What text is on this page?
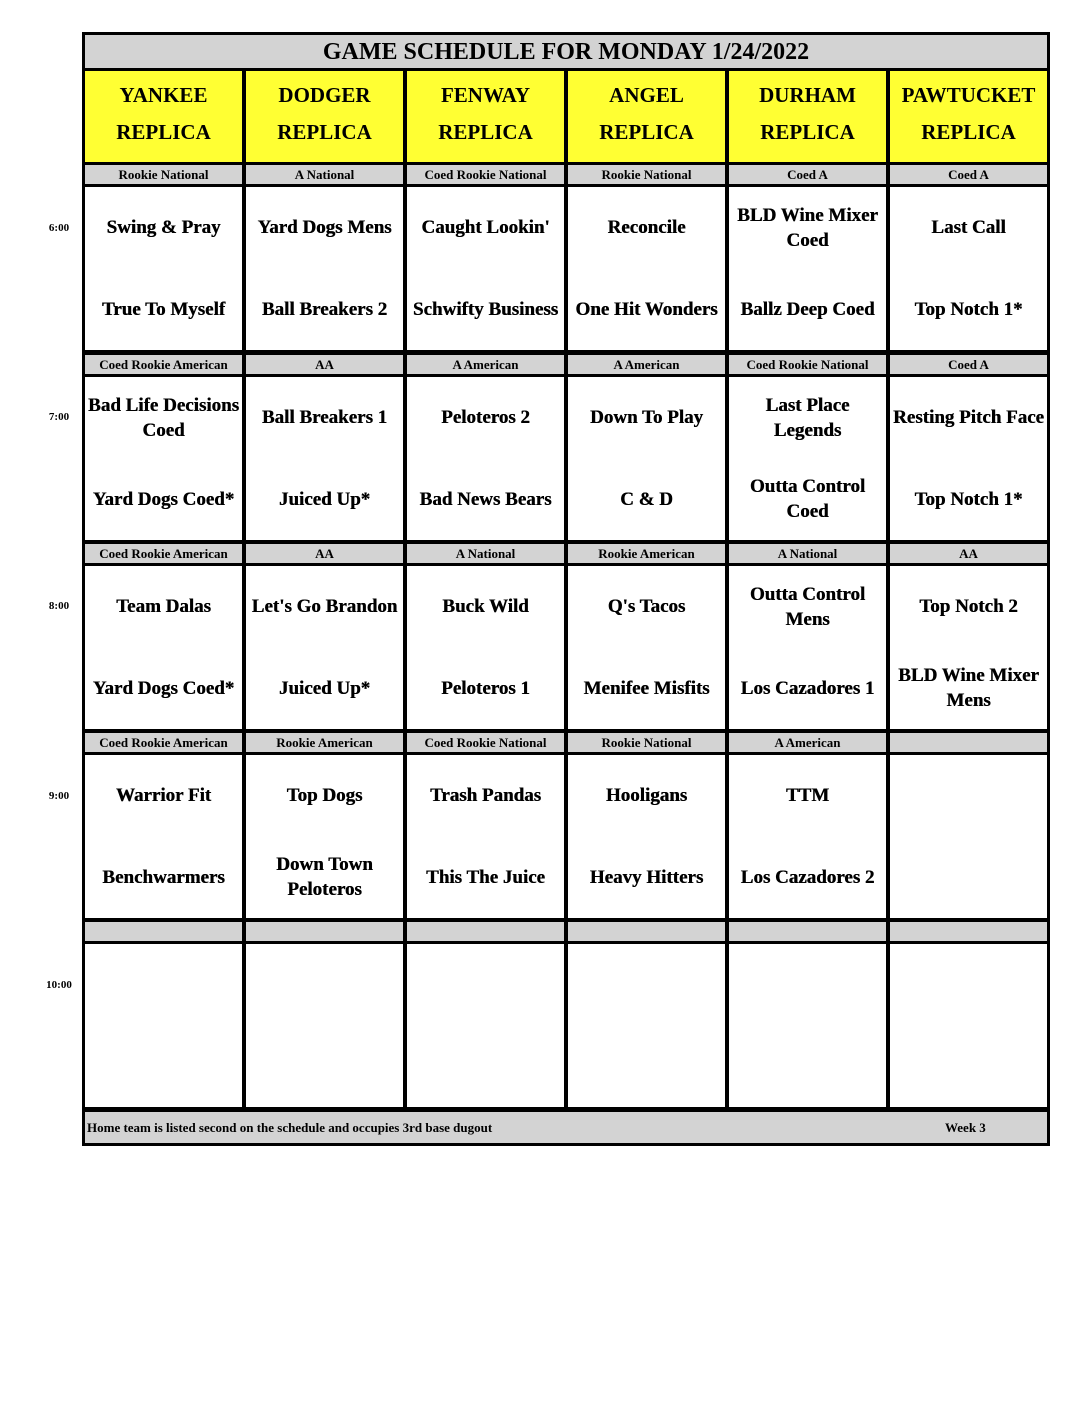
GAME SCHEDULE FOR MONDAY 1/24/2022
Home team is listed second on the schedule and occupies 3rd base dugout	Week 3
YANKEE
REPLICA
DODGER
REPLICA
FENWAY
REPLICA
ANGEL
REPLICA
DURHAM
REPLICA
PAWTUCKET
REPLICA
Rookie National
Swing & Pray
True To Myself
A National
Yard Dogs Mens
Ball Breakers 2
Coed Rookie National
Caught Lookin'
Schwifty Business
Rookie National
Reconcile
One Hit Wonders
Coed A
BLD Wine Mixer Coed
Ballz Deep Coed
Coed A
Last Call
Top Notch 1*
Coed Rookie American
Bad Life Decisions Coed
Yard Dogs Coed*
AA
Ball Breakers 1
Juiced Up*
A American
Peloteros 2
Bad News Bears
A American
Down To Play
C & D
Coed Rookie National
Last Place Legends
Outta Control Coed
Coed A
Resting Pitch Face
Top Notch 1*
Coed Rookie American
Team Dalas
Yard Dogs Coed*
AA
Let's Go Brandon
Juiced Up*
A National
Buck Wild
Peloteros 1
Rookie American
Q's Tacos
Menifee Misfits
A National
Outta Control Mens
Los Cazadores 1
AA
Top Notch 2
BLD Wine Mixer Mens
Coed Rookie American
Warrior Fit
Benchwarmers
Rookie American
Top Dogs
Down Town Peloteros
Coed Rookie National
Trash Pandas
This The Juice
Rookie National
Hooligans
Heavy Hitters
A American
TTM
Los Cazadores 2
6:00
7:00
8:00
9:00
10:00
